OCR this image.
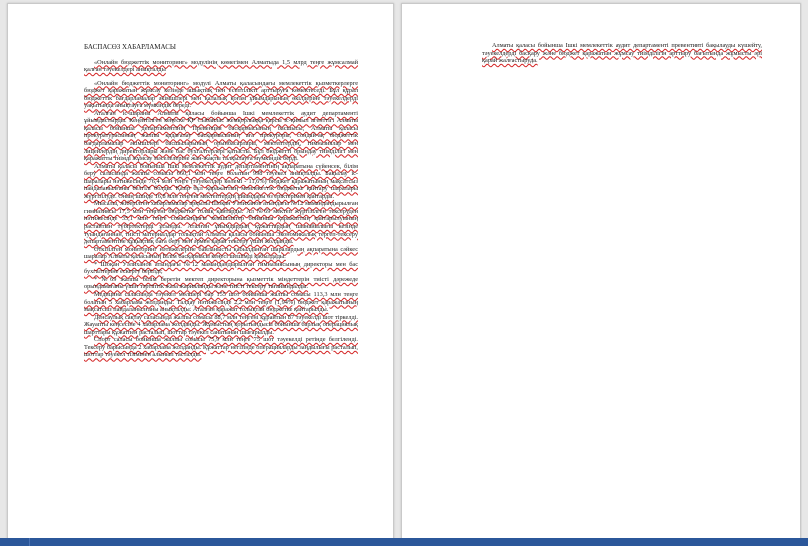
БАСПАСӨЗ ХАБАРЛАМАСЫ

«Онлайн бюджеттік мониторинг» модулінің көмегімен Алматыда 1,5 млрд теңге жұмсалмай қалған тәуекелдері анықталды

«Онлайн бюджеттік мониторинг» модулі Алматы қаласындағы мемлекеттік қызметкерлерге бюджет қаражатын жұмсау кезінде ашықтық пен есептілікті арттыруға көмектеседі. Бұл құрал бюджеттік бағдарламалар әкімшілері мен қалалық қоғам ұйымдарының өкілдеріне тәуекелдерді уақытында анықтауға мүмкіндік береді.

Аталған іс-шараны Алматы қаласы бойынша Ішкі мемлекеттік аудит департаменті ұйымдастырды. Кеңейтілген кеңеске ҚР Сыбайлас жемқорлыққа қарсы іс-қимыл агенттігі Алматы қаласы бойынша департаментінің Превенция басқармасының басшысы, Алматы қаласы прокуратурасының жалпы қадағалау басқармасының аға прокуроры, сондай-ақ бюджеттік бағдарламалар әкімшілері басшыларының орынбасарлары, мектептердің, гимназиялар мен лицейлердің директорлары және бас бухгалтерлері қатысты. Бұл бюджетті орындау тиімділігі мен қаражатты тиімді жұмсау мәселелеріне жан-жақты талқылауға мүмкіндік берді.

Алматы қаласы бойынша Ішкі мемлекеттік аудит департаментінің ақпаратына сүйенсек, білім беру саласында жалпы сомасы 660,1 млн теңге болатын 998 тәуекел анықталды. Бақылау іс-шаралары нәтижесінде 76,4 млн теңге (тәуекелдер көлемі - 11,6%) бюджет қаражатының мақсатсыз пайдаланылғаны белгілі болды. Қазір бұл қаражаттың мемлекеттік бюджетке қайтару шаралары жүргізілуде. Оның ішінде 16,8 млн теңгені мектептердің ұйымдары өз еріктерімен қайтарды.

Мысалы, жіберілген хабарламалар арқылы Шоқан Уәлиханов атындағы №12 мамандандырылған гимназиясы 17,5 млн теңгені бюджетке толық қайтарды. Ал №69 мектеп жүргізілген тексеруден нәтижесінде 35,1 млн теңге сомасындағы кемшіліктер бойынша қаражаттың қайтарылуының растайтын түбіртектерді ұсынды. Аталған ұйымдардың құжаттардың шынайылығы кезінде туындағаннан, тиісті материалдар толықтай Алматы қаласы бойынша Экономикалық тергеп-тексеру департаментіне құқықтық баға беру мен әрмен қарай тексеру үшін жолданды.

Өткізілген мониторинг нәтижелеріне байланысты қабылданған шаралардың ақпаратына сәйкес шаралар Алматы қаласының Білім басқармасы кеңесі шешімді қабылдады:

* Шоқан Уәлиханов атындағы №12 мамандандырылған гимназиясының директоры мен бас бухгалтеріне ескерту берілді;

* №69 жалпы білім беретін мектеп директорына қызметтік міндеттерін тиісті дәрежеде орындамағаны үшін тәртіптік жаза жарияланды және тиісті тексеру тағайындалды.

Медицина саласында тәуекел мөлшері бар 155 шот бойынша жалпы сомасы 113,3 млн теңге болатын 5 хабарлама жолданды. Талдау нәтижесінде 2,2 млн теңге (1,94%) бюджет қаражатының мақсатсыз пайдаланылғаны анықталды. Аталған қаражат толықтай бюджетке қайтарылды.

Денсаулық сақтау саласында жалпы сомасы 88,7 млн теңгені құрайтын 87 тәуекелді шот тіркелді. Жауапты кеңсесіне 4 хабарлама жолданды. Жұмыстың қорытындысы бойынша барлық операциялық шарттары құжатпен расталып, шоттар тәуекел санатынан шығарылды.

Спорт саласы бойынша жалпы сомасы 75,9 млн теңге 75 шот тәуекелді ретінде белгіленді. Тексеру барысында 2 хабарлама жолданды. Құжаттар негізінде операцияларды заңдылығы расталып, шоттар тәуекел тізімінен алынып тасталды.

Алматы қаласы бойынша Ішкі мемлекеттік аудит департаменті превентивті бақылауды күшейту, тәуекелдерді басқару және бюджет қаражатын жұмсау тиімділігін арттыру бағытында жұмысты әрі қарай жалғастыруда.
